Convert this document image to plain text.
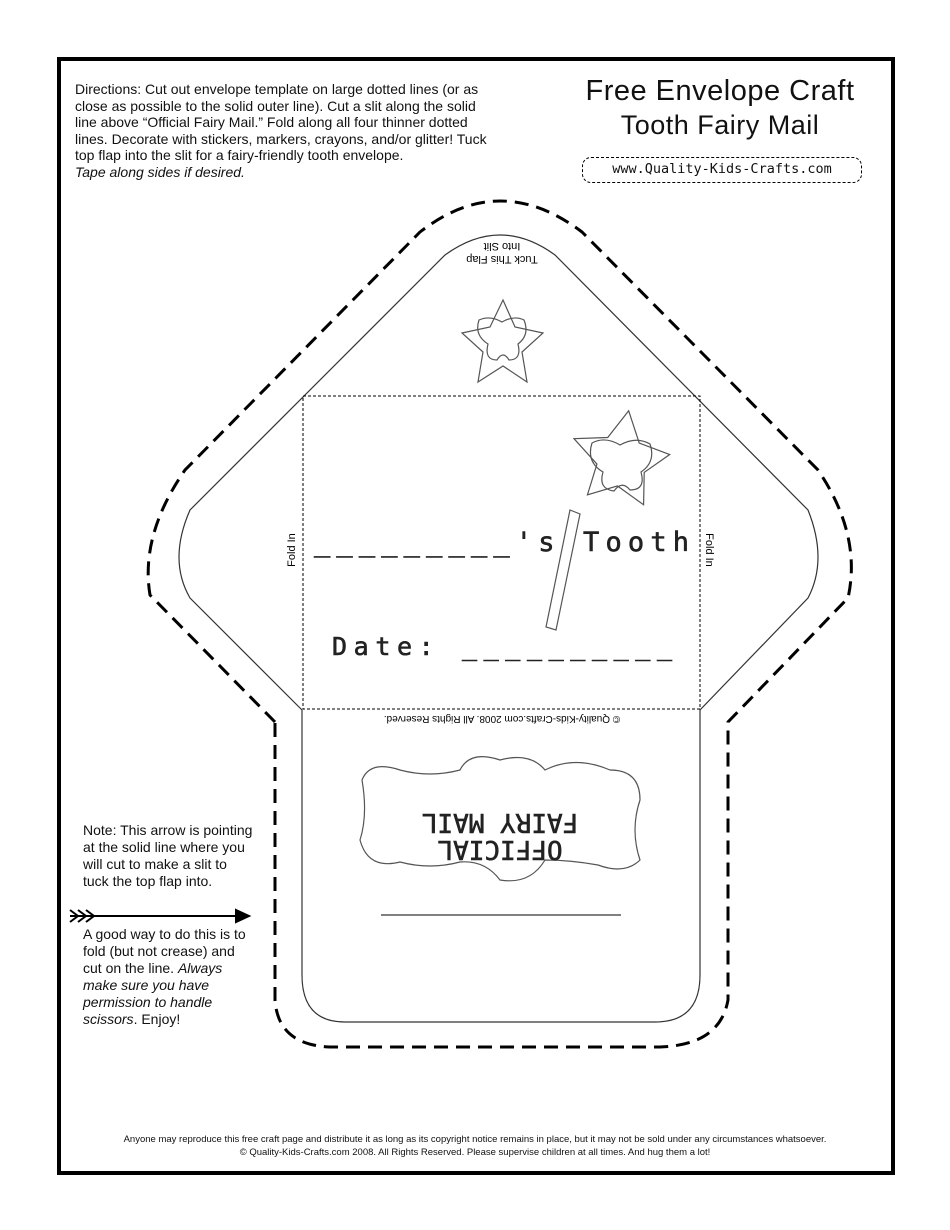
Directions: Cut out envelope template on large dotted lines (or as close as possible to the solid outer line). Cut a slit along the solid line above “Official Fairy Mail.” Fold along all four thinner dotted lines. Decorate with stickers, markers, crayons, and/or glitter! Tuck top flap into the slit for a fairy-friendly tooth envelope.
Tape along sides if desired.
Free Envelope Craft
Tooth Fairy Mail
www.Quality-Kids-Crafts.com
Tuck This Flap
Into Slit
Fold In	Fold In
_________'s Tooth
Date: __________
© Quality-Kids-Crafts.com 2008. All Rights Reserved.
OFFICIAL
FAIRY MAIL
Note: This arrow is pointing at the solid line where you will cut to make a slit to tuck the top flap into.
A good way to do this is to fold (but not crease) and cut on the line. Always make sure you have permission to handle scissors. Enjoy!
Anyone may reproduce this free craft page and distribute it as long as its copyright notice remains in place, but it may not be sold under any circumstances whatsoever.
© Quality-Kids-Crafts.com 2008. All Rights Reserved. Please supervise children at all times. And hug them a lot!
